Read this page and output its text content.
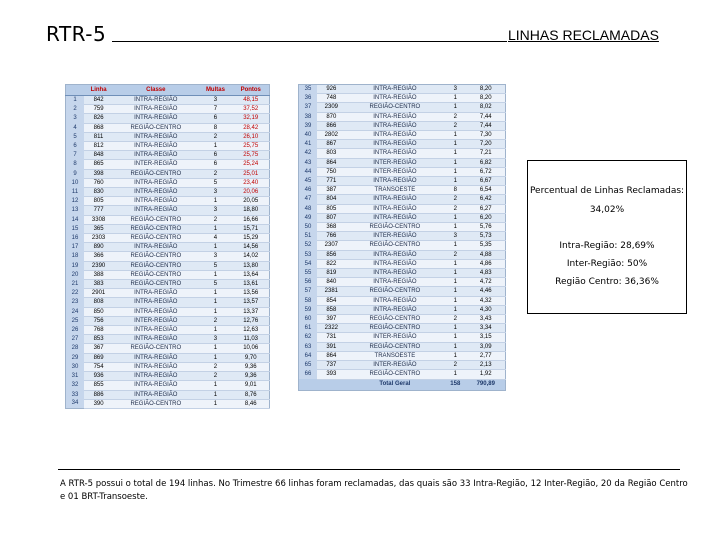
RTR-5	LINHAS RECLAMADAS
	Linha	Classe	Multas	Pontos
1	842	INTRA-REGIÃO	3	48,15
2	759	INTRA-REGIÃO	7	37,52
3	826	INTRA-REGIÃO	6	32,19
4	868	REGIÃO-CENTRO	8	28,42
5	811	INTRA-REGIÃO	2	26,10
6	812	INTRA-REGIÃO	1	25,75
7	848	INTRA-REGIÃO	6	25,75
8	865	INTER-REGIÃO	6	25,24
9	398	REGIÃO-CENTRO	2	25,01
10	760	INTRA-REGIÃO	5	23,40
11	830	INTRA-REGIÃO	3	20,06
12	805	INTRA-REGIÃO	1	20,05
13	777	INTRA-REGIÃO	3	18,80
14	3308	REGIÃO-CENTRO	2	16,66
15	365	REGIÃO-CENTRO	1	15,71
16	2303	REGIÃO-CENTRO	4	15,29
17	890	INTRA-REGIÃO	1	14,56
18	366	REGIÃO-CENTRO	3	14,02
19	2390	REGIÃO-CENTRO	5	13,80
20	388	REGIÃO-CENTRO	1	13,64
21	383	REGIÃO-CENTRO	5	13,61
22	2901	INTRA-REGIÃO	1	13,56
23	808	INTRA-REGIÃO	1	13,57
24	850	INTRA-REGIÃO	1	13,37
25	756	INTER-REGIÃO	2	12,76
26	768	INTRA-REGIÃO	1	12,63
27	853	INTRA-REGIÃO	3	11,03
28	367	REGIÃO-CENTRO	1	10,06
29	869	INTRA-REGIÃO	1	9,70
30	754	INTRA-REGIÃO	2	9,36
31	936	INTRA-REGIÃO	2	9,36
32	855	INTRA-REGIÃO	1	9,01
33	886	INTRA-REGIÃO	1	8,76
34	390	REGIÃO-CENTRO	1	8,46
35	926	INTRA-REGIÃO	3	8,20
36	748	INTRA-REGIÃO	1	8,20
37	2309	REGIÃO-CENTRO	1	8,02
38	870	INTRA-REGIÃO	2	7,44
39	866	INTRA-REGIÃO	2	7,44
40	2802	INTRA-REGIÃO	1	7,30
41	867	INTRA-REGIÃO	1	7,20
42	803	INTRA-REGIÃO	1	7,21
43	864	INTER-REGIÃO	1	6,82
44	750	INTER-REGIÃO	1	6,72
45	771	INTRA-REGIÃO	1	6,67
46	387	TRANSOESTE	8	6,54
47	804	INTRA-REGIÃO	2	6,42
48	805	INTRA-REGIÃO	2	6,27
49	807	INTRA-REGIÃO	1	6,20
50	368	REGIÃO-CENTRO	1	5,76
51	766	INTER-REGIÃO	3	5,73
52	2307	REGIÃO-CENTRO	1	5,35
53	856	INTRA-REGIÃO	2	4,88
54	822	INTRA-REGIÃO	1	4,86
55	819	INTRA-REGIÃO	1	4,83
56	840	INTRA-REGIÃO	1	4,72
57	2381	REGIÃO-CENTRO	1	4,46
58	854	INTRA-REGIÃO	1	4,32
59	858	INTRA-REGIÃO	1	4,30
60	397	REGIÃO-CENTRO	2	3,43
61	2322	REGIÃO-CENTRO	1	3,34
62	731	INTER-REGIÃO	1	3,15
63	391	REGIÃO-CENTRO	1	3,09
64	864	TRANSOESTE	1	2,77
65	737	INTER-REGIÃO	2	2,13
66	393	REGIÃO-CENTRO	1	1,92
		Total Geral	158	790,89
Percentual de Linhas Reclamadas:
34,02%
Intra-Região: 28,69%
Inter-Região: 50%
Região Centro: 36,36%
A RTR-5 possui o total de 194 linhas. No Trimestre 66 linhas foram reclamadas, das quais são 33 Intra-Região, 12 Inter-Região, 20 da Região Centro e 01 BRT-Transoeste.
